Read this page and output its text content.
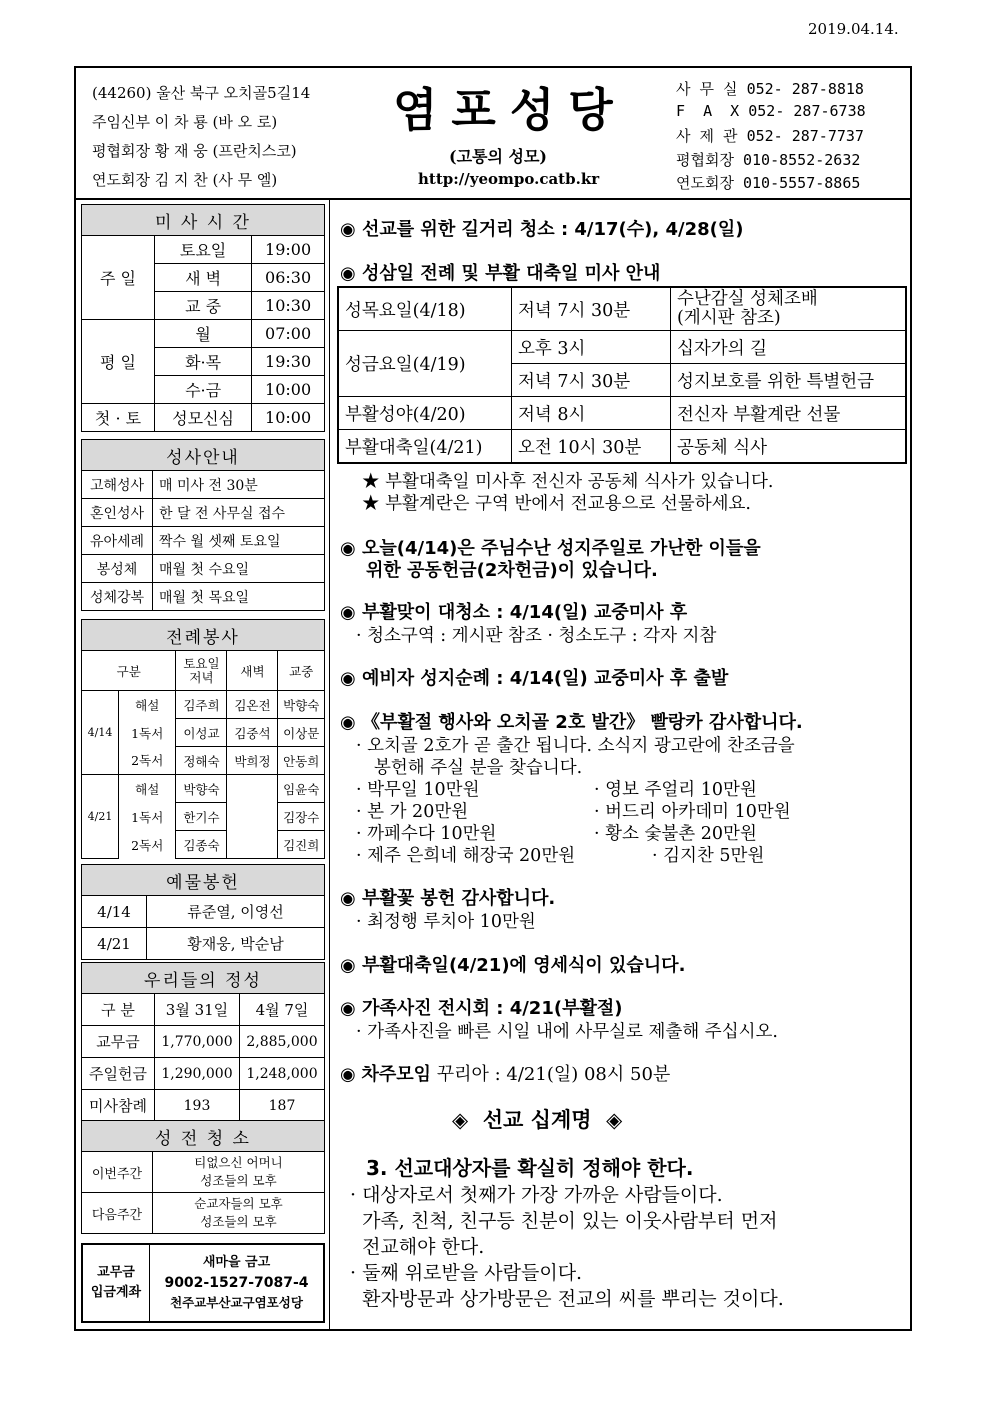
2019.04.14.
(44260) 울산 북구 오치골5길14
주임신부 이 차 룡 (바 오 로)
평협회장 황 재 웅 (프란치스코)
연도회장 김 지 찬 (사 무 엘)
염포성당
(고통의 성모)
http://yeompo.catb.kr
사 무 실 052- 287-8818
F  A  X 052- 287-6738
사 제 관 052- 287-7737
평협회장 010-8552-2632
연도회장 010-5557-8865
미 사 시 간		
주 일	토요일	19:00
	새 벽	06:30
	교 중	10:30
평 일	월	07:00
	화·목	19:30
	수·금	10:00
첫 · 토	성모신심	10:00
성사안내	
고해성사	매 미사 전 30분
혼인성사	한 달 전 사무실 접수
유아세례	짝수 월 셋째 토요일
봉성체	매월 첫 수요일
성체강복	매월 첫 목요일
전례봉사				
구분		토요일 저녁	새벽	교중
4/14	해설	김주희	김온전	박향숙
	1독서	이성교	김중석	이상문
	2독서	정해숙	박희정	안동희
4/21	해설	박향숙		임윤숙
	1독서	한기수		김장수
	2독서	김종숙		김진희
예물봉헌	
4/14	류준열, 이영선
4/21	황재웅, 박순남
우리들의 정성		
구 분	3월 31일	4월 7일
교무금	1,770,000	2,885,000
주일헌금	1,290,000	1,248,000
미사참례	193	187
성 전 청 소	
이번주간	티없으신 어머니
성조들의 모후

다음주간	순교자들의 모후
성조들의 모후
교무금
입금계좌
새마을 금고
9002-1527-7087-4
천주교부산교구염포성당
◉ 선교를 위한 길거리 청소 : 4/17(수), 4/28(일)
◉ 성삼일 전례 및 부활 대축일 미사 안내
성목요일(4/18)	저녁 7시 30분	수난감실 성체조배
(게시판 참조)

성금요일(4/19)	오후 3시	십자가의 길
	저녁 7시 30분	성지보호를 위한 특별헌금
부활성야(4/20)	저녁 8시	전신자 부활계란 선물
부활대축일(4/21)	오전 10시 30분	공동체 식사
★ 부활대축일 미사후 전신자 공동체 식사가 있습니다.
★ 부활계란은 구역 반에서 전교용으로 선물하세요.
◉ 오늘(4/14)은 주님수난 성지주일로 가난한 이들을
위한 공동헌금(2차헌금)이 있습니다.
◉ 부활맞이 대청소 : 4/14(일) 교중미사 후
· 청소구역 : 게시판 참조 · 청소도구 : 각자 지참
◉ 예비자 성지순례 : 4/14(일) 교중미사 후 출발
◉ 《부활절 행사와 오치골 2호 발간》 빨랑카 감사합니다.
· 오치골 2호가 곧 출간 됩니다. 소식지 광고란에 찬조금을
봉헌해 주실 분을 찾습니다.
· 박무일 10만원	· 영보 주얼리 10만원
· 본 가 20만원	· 버드리 아카데미 10만원
· 까페수다 10만원	· 황소 숯불촌 20만원
· 제주 은희네 해장국 20만원	· 김지찬 5만원
◉ 부활꽃 봉헌 감사합니다.
· 최정행 루치아 10만원
◉ 부활대축일(4/21)에 영세식이 있습니다.
◉ 가족사진 전시회 : 4/21(부활절)
· 가족사진을 빠른 시일 내에 사무실로 제출해 주십시오.
◉ 차주모임 꾸리아 : 4/21(일) 08시 50분
◈  선교 십계명  ◈
3. 선교대상자를 확실히 정해야 한다.
· 대상자로서 첫째가 가장 가까운 사람들이다.
가족, 친척, 친구등 친분이 있는 이웃사람부터 먼저
전교해야 한다.
· 둘째 위로받을 사람들이다.
환자방문과 상가방문은 전교의 씨를 뿌리는 것이다.
